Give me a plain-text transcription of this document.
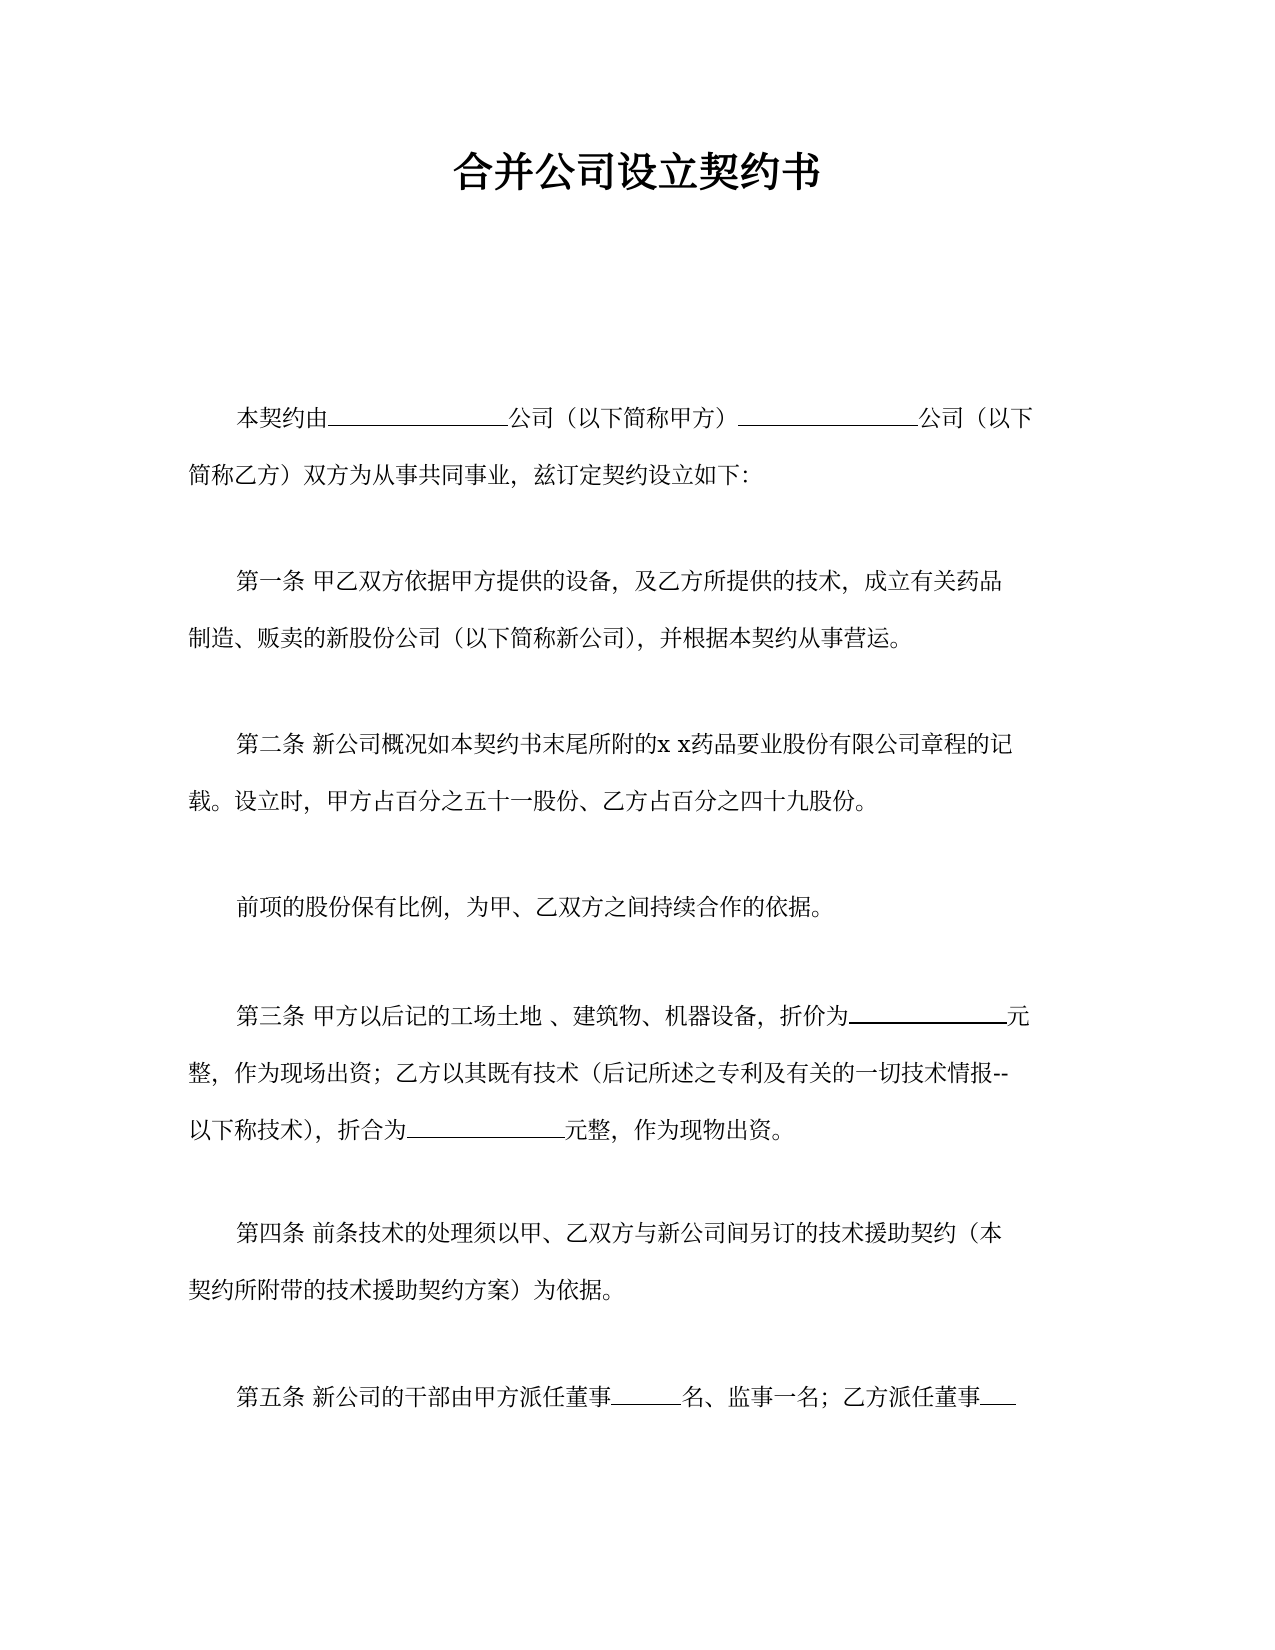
合并公司设立契约书
本契约由	公司（以下简称甲方）	公司（以下
简称乙方）双方为从事共同事业，兹订定契约设立如下：
第一条 甲乙双方依据甲方提供的设备，及乙方所提供的技术，成立有关药品
制造、贩卖的新股份公司（以下简称新公司），并根据本契约从事营运。
第二条 新公司概况如本契约书末尾所附的x x药品要业股份有限公司章程的记
载。设立时，甲方占百分之五十一股份、乙方占百分之四十九股份。
前项的股份保有比例，为甲、乙双方之间持续合作的依据。
第三条 甲方以后记的工场土地 、建筑物、机器设备，折价为	元
整，作为现场出资；乙方以其既有技术（后记所述之专利及有关的一切技术情报--
以下称技术），折合为	元整，作为现物出资。
第四条 前条技术的处理须以甲、乙双方与新公司间另订的技术援助契约（本
契约所附带的技术援助契约方案）为依据。
第五条 新公司的干部由甲方派任董事	名、监事一名；乙方派任董事
